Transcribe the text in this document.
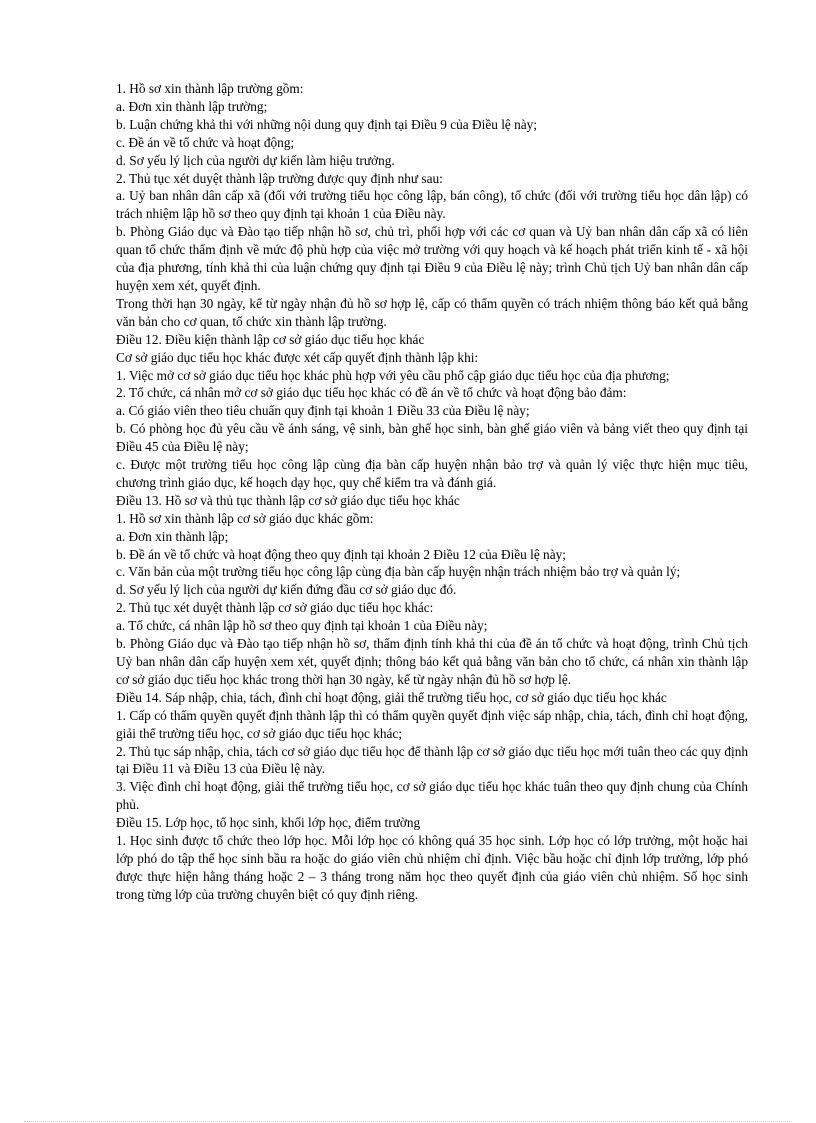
1. Hồ sơ xin thành lập trường gồm:

a. Đơn xin thành lập trường;

b. Luận chứng khả thi với những nội dung quy định tại Điều 9 của Điều lệ này;

c. Đề án về tổ chức và hoạt động;

d. Sơ yếu lý lịch của người dự kiến làm hiệu trưởng.

2. Thủ tục xét duyệt thành lập trường được quy định như sau:

a. Uỷ ban nhân dân cấp xã (đối với trường tiểu học công lập, bán công), tổ chức (đối với trường tiểu học dân lập) có trách nhiệm lập hồ sơ theo quy định tại khoản 1 của Điều này.

b. Phòng Giáo dục và Đào tạo tiếp nhận hồ sơ, chủ trì, phối hợp với các cơ quan và Uỷ ban nhân dân cấp xã có liên quan tổ chức thẩm định về mức độ phù hợp của việc mở trường với quy hoạch và kế hoạch phát triển kinh tế - xã hội của địa phương, tính khả thi của luận chứng quy định tại Điều 9 của Điều lệ này; trình Chủ tịch Uỷ ban nhân dân cấp huyện xem xét, quyết định.

Trong thời hạn 30 ngày, kể từ ngày nhận đủ hồ sơ hợp lệ, cấp có thẩm quyền có trách nhiệm thông báo kết quả bằng văn bản cho cơ quan, tổ chức xin thành lập trường.

Điều 12. Điều kiện thành lập cơ sở giáo dục tiểu học khác

Cơ sở giáo dục tiểu học khác được xét cấp quyết định thành lập khi:

1. Việc mở cơ sở giáo dục tiểu học khác phù hợp với yêu cầu phổ cập giáo dục tiểu học của địa phương;

2. Tổ chức, cá nhân mở cơ sở giáo dục tiểu học khác có đề án về tổ chức và hoạt động bảo đảm:

a. Có giáo viên theo tiêu chuẩn quy định tại khoản 1 Điều 33 của Điều lệ này;

b. Có phòng học đủ yêu cầu về ánh sáng, vệ sinh, bàn ghế học sinh, bàn ghế giáo viên và bảng viết theo quy định tại Điều 45 của Điều lệ này;

c. Được một trường tiểu học công lập cùng địa bàn cấp huyện nhận bảo trợ và quản lý việc thực hiện mục tiêu, chương trình giáo dục, kế hoạch dạy học, quy chế kiểm tra và đánh giá.

Điều 13. Hồ sơ và thủ tục thành lập cơ sở giáo dục tiểu học khác

1. Hồ sơ xin thành lập cơ sở giáo dục khác gồm:

a. Đơn xin thành lập;

b. Đề án về tổ chức và hoạt động theo quy định tại khoản 2 Điều 12 của Điều lệ này;

c. Văn bản của một trường tiểu học công lập cùng địa bàn cấp huyện nhận trách nhiệm bảo trợ và quản lý;

d. Sơ yếu lý lịch của người dự kiến đứng đầu cơ sở giáo dục đó.

2. Thủ tục xét duyệt thành lập cơ sở giáo dục tiểu học khác:

a. Tổ chức, cá nhân lập hồ sơ theo quy định tại khoản 1 của Điều này;

b. Phòng Giáo dục và Đào tạo tiếp nhận hồ sơ, thẩm định tính khả thi của đề án tổ chức và hoạt động, trình Chủ tịch Uỷ ban nhân dân cấp huyện xem xét, quyết định; thông báo kết quả bằng văn bản cho tổ chức, cá nhân xin thành lập cơ sở giáo dục tiểu học khác trong thời hạn 30 ngày, kể từ ngày nhận đủ hồ sơ hợp lệ.

Điều 14. Sáp nhập, chia, tách, đình chỉ hoạt động, giải thể trường tiểu học, cơ sở giáo dục tiểu học khác

1. Cấp có thẩm quyền quyết định thành lập thì có thẩm quyền quyết định việc sáp nhập, chia, tách, đình chỉ hoạt động, giải thể trường tiểu học, cơ sở giáo dục tiểu học khác;

2. Thủ tục sáp nhập, chia, tách cơ sở giáo dục tiểu học để thành lập cơ sở giáo dục tiểu học mới tuân theo các quy định tại Điều 11 và Điều 13 của Điều lệ này.

3. Việc đình chỉ hoạt động, giải thể trường tiểu học, cơ sở giáo dục tiểu học khác tuân theo quy định chung của Chính phủ.

Điều 15. Lớp học, tổ học sinh, khối lớp học, điểm trường

1. Học sinh được tổ chức theo lớp học. Mỗi lớp học có không quá 35 học sinh. Lớp học có lớp trưởng, một hoặc hai lớp phó do tập thể học sinh bầu ra hoặc do giáo viên chủ nhiệm chỉ định. Việc bầu hoặc chỉ định lớp trưởng, lớp phó được thực hiện hằng tháng hoặc 2 – 3 tháng trong năm học theo quyết định của giáo viên chủ nhiệm. Số học sinh trong từng lớp của trường chuyên biệt có quy định riêng.
